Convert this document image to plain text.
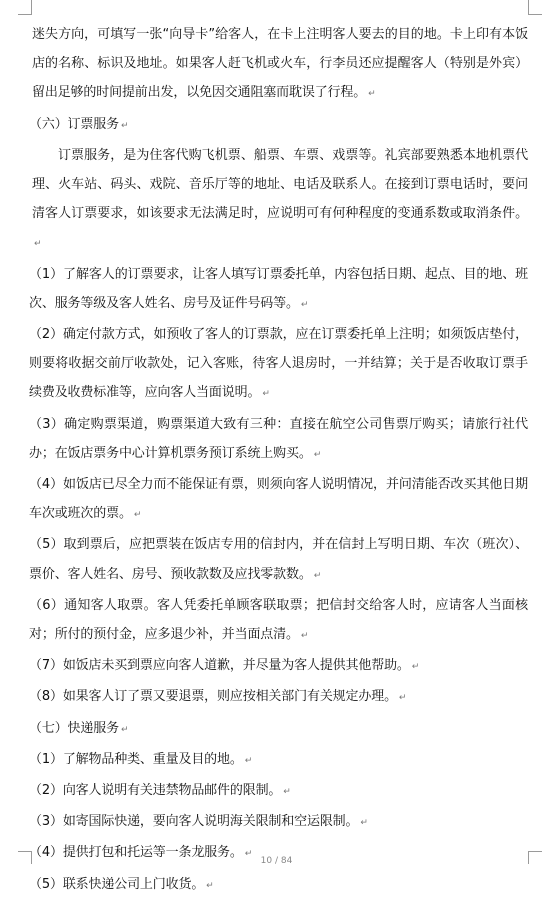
迷失方向，可填写一张“向导卡”给客人，在卡上注明客人要去的目的地。卡上印有本饭店的名称、标识及地址。如果客人赶飞机或火车，行李员还应提醒客人（特别是外宾）留出足够的时间提前出发，以免因交通阻塞而耽误了行程。 ↵

（六）订票服务 ↵

订票服务，是为住客代购飞机票、船票、车票、戏票等。礼宾部要熟悉本地机票代理、火车站、码头、戏院、音乐厅等的地址、电话及联系人。在接到订票电话时，要问清客人订票要求，如该要求无法满足时，应说明可有何种程度的变通系数或取消条件。↵

（1）了解客人的订票要求，让客人填写订票委托单，内容包括日期、起点、目的地、班次、服务等级及客人姓名、房号及证件号码等。 ↵

（2）确定付款方式，如预收了客人的订票款，应在订票委托单上注明；如须饭店垫付，则要将收据交前厅收款处，记入客账，待客人退房时，一并结算；关于是否收取订票手续费及收费标准等，应向客人当面说明。 ↵

（3）确定购票渠道，购票渠道大致有三种：直接在航空公司售票厅购买；请旅行社代办；在饭店票务中心计算机票务预订系统上购买。 ↵

（4）如饭店已尽全力而不能保证有票，则须向客人说明情况，并问清能否改买其他日期车次或班次的票。 ↵

（5）取到票后，应把票装在饭店专用的信封内，并在信封上写明日期、车次（班次）、票价、客人姓名、房号、预收款数及应找零款数。 ↵

（6）通知客人取票。客人凭委托单顾客联取票；把信封交给客人时，应请客人当面核对；所付的预付金，应多退少补，并当面点清。 ↵

（7）如饭店未买到票应向客人道歉，并尽量为客人提供其他帮助。 ↵

（8）如果客人订了票又要退票，则应按相关部门有关规定办理。 ↵

（七）快递服务 ↵

（1）了解物品种类、重量及目的地。 ↵

（2）向客人说明有关违禁物品邮件的限制。 ↵

（3）如寄国际快递，要向客人说明海关限制和空运限制。 ↵

（4）提供打包和托运等一条龙服务。 ↵

（5）联系快递公司上门收货。 ↵

10 / 84
